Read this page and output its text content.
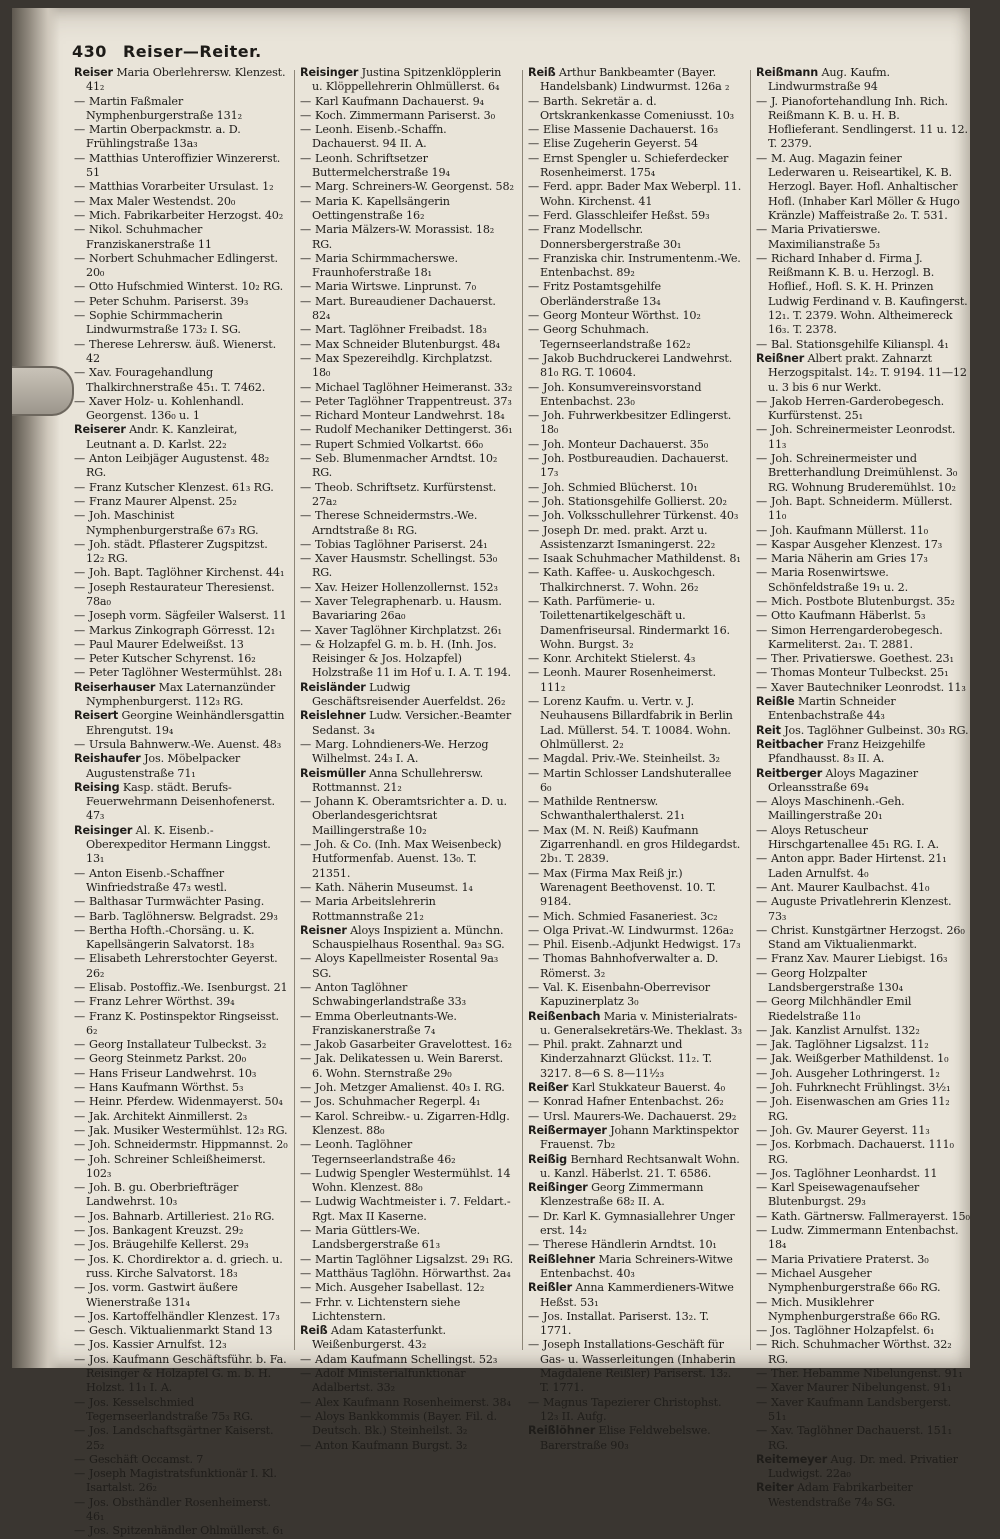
430 Reiser—Reiter.

Reiser Maria Oberlehrersw. Klenzest. 41₂

— Martin Faßmaler Nymphenburgerstraße 131₂

— Martin Oberpackmstr. a. D. Frühlingstraße 13a₃

— Matthias Unteroffizier Winzererst. 51

— Matthias Vorarbeiter Ursulast. 1₂

— Max Maler Westendst. 20₀

— Mich. Fabrikarbeiter Herzogst. 40₂

— Nikol. Schuhmacher Franziskanerstraße 11

— Norbert Schuhmacher Edlingerst. 20₀

— Otto Hufschmied Winterst. 10₂ RG.

— Peter Schuhm. Pariserst. 39₃

— Sophie Schirmmacherin Lindwurmstraße 173₂ I. SG.

— Therese Lehrersw. äuß. Wienerst. 42

— Xav. Fouragehandlung Thalkirchnerstraße 45₁. T. 7462.

— Xaver Holz- u. Kohlenhandl. Georgenst. 136₀ u. 1

Reiserer Andr. K. Kanzleirat, Leutnant a. D. Karlst. 22₂

— Anton Leibjäger Augustenst. 48₂ RG.

— Franz Kutscher Klenzest. 61₃ RG.

— Franz Maurer Alpenst. 25₂

— Joh. Maschinist Nymphenburgerstraße 67₃ RG.

— Joh. städt. Pflasterer Zugspitzst. 12₂ RG.

— Joh. Bapt. Taglöhner Kirchenst. 44₁

— Joseph Restaurateur Theresienst. 78a₀

— Joseph vorm. Sägfeiler Walserst. 11

— Markus Zinkograph Görresst. 12₁

— Paul Maurer Edelweißst. 13

— Peter Kutscher Schyrenst. 16₂

— Peter Taglöhner Westermühlst. 28₁

Reiserhauser Max Laternanzünder Nymphenburgerst. 112₃ RG.

Reisert Georgine Weinhändlersgattin Ehrengutst. 19₄

— Ursula Bahnwerw.-We. Auenst. 48₃

Reishaufer Jos. Möbelpacker Augustenstraße 71₁

Reising Kasp. städt. Berufs-Feuerwehrmann Deisenhofenerst. 47₃

Reisinger Al. K. Eisenb.-Oberexpeditor Hermann Linggst. 13₁

— Anton Eisenb.-Schaffner Winfriedstraße 47₃ westl.

— Balthasar Turmwächter Pasing.

— Barb. Taglöhnersw. Belgradst. 29₃

— Bertha Hofth.-Chorsäng. u. K. Kapellsängerin Salvatorst. 18₃

— Elisabeth Lehrerstochter Geyerst. 26₂

— Elisab. Postoffiz.-We. Isenburgst. 21

— Franz Lehrer Wörthst. 39₄

— Franz K. Postinspektor Ringseisst. 6₂

— Georg Installateur Tulbeckst. 3₂

— Georg Steinmetz Parkst. 20₀

— Hans Friseur Landwehrst. 10₃

— Hans Kaufmann Wörthst. 5₃

— Heinr. Pferdew. Widenmayerst. 50₄

— Jak. Architekt Ainmillerst. 2₃

— Jak. Musiker Westermühlst. 12₃ RG.

— Joh. Schneidermstr. Hippmannst. 2₀

— Joh. Schreiner Schleißheimerst. 102₃

— Joh. B. gu. Oberbriefträger Landwehrst. 10₃

— Jos. Bahnarb. Artilleriest. 21₀ RG.

— Jos. Bankagent Kreuzst. 29₂

— Jos. Bräugehilfe Kellerst. 29₃

— Jos. K. Chordirektor a. d. griech. u. russ. Kirche Salvatorst. 18₃

— Jos. vorm. Gastwirt äußere Wienerstraße 131₄

— Jos. Kartoffelhändler Klenzest. 17₃

— Gesch. Viktualienmarkt Stand 13

— Jos. Kassier Arnulfst. 12₃

— Jos. Kaufmann Geschäftsführ. b. Fa. Reisinger & Holzapfel G. m. b. H. Holzst. 11₁ I. A.

— Jos. Kesselschmied Tegernseerlandstraße 75₃ RG.

— Jos. Landschaftsgärtner Kaiserst. 25₂

— Geschäft Occamst. 7

— Joseph Magistratsfunktionär I. Kl. Isartalst. 26₂

— Jos. Obsthändler Rosenheimerst. 46₁

— Jos. Spitzenhändler Ohlmüllerst. 6₁

Reisinger Justina Spitzenklöpplerin u. Klöppellehrerin Ohlmüllerst. 6₄

— Karl Kaufmann Dachauerst. 9₄

— Koch. Zimmermann Pariserst. 3₀

— Leonh. Eisenb.-Schaffn. Dachauerst. 94 II. A.

— Leonh. Schriftsetzer Buttermelcherstraße 19₄

— Marg. Schreiners-W. Georgenst. 58₂

— Maria K. Kapellsängerin Oettingenstraße 16₂

— Maria Mälzers-W. Morassist. 18₂ RG.

— Maria Schirmmacherswe. Fraunhoferstraße 18₁

— Maria Wirtswe. Linprunst. 7₀

— Mart. Bureaudiener Dachauerst. 82₄

— Mart. Taglöhner Freibadst. 18₃

— Max Schneider Blutenburgst. 48₄

— Max Spezereihdlg. Kirchplatzst. 18₀

— Michael Taglöhner Heimeranst. 33₂

— Peter Taglöhner Trappentreust. 37₃

— Richard Monteur Landwehrst. 18₄

— Rudolf Mechaniker Dettingerst. 36₁

— Rupert Schmied Volkartst. 66₀

— Seb. Blumenmacher Arndtst. 10₂ RG.

— Theob. Schriftsetz. Kurfürstenst. 27a₂

— Therese Schneidermstrs.-We. Arndtstraße 8₁ RG.

— Tobias Taglöhner Pariserst. 24₁

— Xaver Hausmstr. Schellingst. 53₀ RG.

— Xav. Heizer Hollenzollernst. 152₃

— Xaver Telegraphenarb. u. Hausm. Bavariaring 26a₀

— Xaver Taglöhner Kirchplatzst. 26₁

— & Holzapfel G. m. b. H. (Inh. Jos. Reisinger & Jos. Holzapfel) Holzstraße 11 im Hof u. I. A. T. 194.

Reisländer Ludwig Geschäftsreisender Auerfeldst. 26₂

Reislehner Ludw. Versicher.-Beamter Sedanst. 3₄

— Marg. Lohndieners-We. Herzog Wilhelmst. 24₃ I. A.

Reismüller Anna Schullehrersw. Rottmannst. 21₂

— Johann K. Oberamtsrichter a. D. u. Oberlandesgerichtsrat Maillingerstraße 10₂

— Joh. & Co. (Inh. Max Weisenbeck) Hutformenfab. Auenst. 13₀. T. 21351.

— Kath. Näherin Museumst. 1₄

— Maria Arbeitslehrerin Rottmannstraße 21₂

Reisner Aloys Inspizient a. Münchn. Schauspielhaus Rosenthal. 9a₃ SG.

— Aloys Kapellmeister Rosental 9a₃ SG.

— Anton Taglöhner Schwabingerlandstraße 33₃

— Emma Oberleutnants-We. Franziskanerstraße 7₄

— Jakob Gasarbeiter Gravelottest. 16₂

— Jak. Delikatessen u. Wein Barerst. 6. Wohn. Sternstraße 29₀

— Joh. Metzger Amalienst. 40₃ I. RG.

— Jos. Schuhmacher Regerpl. 4₁

— Karol. Schreibw.- u. Zigarren-Hdlg. Klenzest. 88₀

— Leonh. Taglöhner Tegernseerlandstraße 46₂

— Ludwig Spengler Westermühlst. 14 Wohn. Klenzest. 88₀

— Ludwig Wachtmeister i. 7. Feldart.-Rgt. Max II Kaserne.

— Maria Güttlers-We. Landsbergerstraße 61₃

— Martin Taglöhner Ligsalzst. 29₁ RG.

— Matthäus Taglöhn. Hörwarthst. 2a₄

— Mich. Ausgeher Isabellast. 12₂

— Frhr. v. Lichtenstern siehe Lichtenstern.

Reiß Adam Katasterfunkt. Weißenburgerst. 43₂

— Adam Kaufmann Schellingst. 52₃

— Adolf Ministerialfunktionär Adalbertst. 33₂

— Alex Kaufmann Rosenheimerst. 38₄

— Aloys Bankkommis (Bayer. Fil. d. Deutsch. Bk.) Steinheilst. 3₂

— Anton Kaufmann Burgst. 3₂

Reiß Arthur Bankbeamter (Bayer. Handelsbank) Lindwurmst. 126a ₂

— Barth. Sekretär a. d. Ortskrankenkasse Comeniusst. 10₃

— Elise Massenie Dachauerst. 16₃

— Elise Zugeherin Geyerst. 54

— Ernst Spengler u. Schieferdecker Rosenheimerst. 175₄

— Ferd. appr. Bader Max Weberpl. 11. Wohn. Kirchenst. 41

— Ferd. Glasschleifer Heßst. 59₃

— Franz Modellschr. Donnersbergerstraße 30₁

— Franziska chir. Instrumentenm.-We. Entenbachst. 89₂

— Fritz Postamtsgehilfe Oberländerstraße 13₄

— Georg Monteur Wörthst. 10₂

— Georg Schuhmach. Tegernseerlandstraße 162₂

— Jakob Buchdruckerei Landwehrst. 81₀ RG. T. 10604.

— Joh. Konsumvereinsvorstand Entenbachst. 23₀

— Joh. Fuhrwerkbesitzer Edlingerst. 18₀

— Joh. Monteur Dachauerst. 35₀

— Joh. Postbureaudien. Dachauerst. 17₃

— Joh. Schmied Blücherst. 10₁

— Joh. Stationsgehilfe Gollierst. 20₂

— Joh. Volksschullehrer Türkenst. 40₃

— Joseph Dr. med. prakt. Arzt u. Assistenzarzt Ismaningerst. 22₂

— Isaak Schuhmacher Mathildenst. 8₁

— Kath. Kaffee- u. Auskochgesch. Thalkirchnerst. 7. Wohn. 26₂

— Kath. Parfümerie- u. Toilettenartikelgeschäft u. Damenfriseursal. Rindermarkt 16. Wohn. Burgst. 3₂

— Konr. Architekt Stielerst. 4₃

— Leonh. Maurer Rosenheimerst. 111₂

— Lorenz Kaufm. u. Vertr. v. J. Neuhausens Billardfabrik in Berlin Lad. Müllerst. 54. T. 10084. Wohn. Ohlmüllerst. 2₂

— Magdal. Priv.-We. Steinheilst. 3₂

— Martin Schlosser Landshuterallee 6₀

— Mathilde Rentnersw. Schwanthalerthalerst. 21₁

— Max (M. N. Reiß) Kaufmann Zigarrenhandl. en gros Hildegardst. 2b₁. T. 2839.

— Max (Firma Max Reiß jr.) Warenagent Beethovenst. 10. T. 9184.

— Mich. Schmied Fasaneriest. 3c₂

— Olga Privat.-W. Lindwurmst. 126a₂

— Phil. Eisenb.-Adjunkt Hedwigst. 17₃

— Thomas Bahnhofverwalter a. D. Römerst. 3₂

— Val. K. Eisenbahn-Oberrevisor Kapuzinerplatz 3₀

Reißenbach Maria v. Ministerialrats- u. Generalsekretärs-We. Theklast. 3₃

— Phil. prakt. Zahnarzt und Kinderzahnarzt Glückst. 11₂. T. 3217. 8—6 S. 8—11½₃

Reißer Karl Stukkateur Bauerst. 4₀

— Konrad Hafner Entenbachst. 26₂

— Ursl. Maurers-We. Dachauerst. 29₂

Reißermayer Johann Marktinspektor Frauenst. 7b₂

Reißig Bernhard Rechtsanwalt Wohn. u. Kanzl. Häberlst. 21. T. 6586.

Reißinger Georg Zimmermann Klenzestraße 68₂ II. A.

— Dr. Karl K. Gymnasiallehrer Unger erst. 14₂

— Therese Händlerin Arndtst. 10₁

Reißlehner Maria Schreiners-Witwe Entenbachst. 40₃

Reißler Anna Kammerdieners-Witwe Heßst. 53₁

— Jos. Installat. Pariserst. 13₂. T. 1771.

— Joseph Installations-Geschäft für Gas- u. Wasserleitungen (Inhaberin Magdalene Reißler) Pariserst. 13₂. T. 1771.

— Magnus Tapezierer Christophst. 12₃ II. Aufg.

Reißlöhner Elise Feldwebelswe. Barerstraße 90₃

Reißmann Aug. Kaufm. Lindwurmstraße 94

— J. Pianofortehandlung Inh. Rich. Reißmann K. B. u. H. B. Hoflieferant. Sendlingerst. 11 u. 12. T. 2379.

— M. Aug. Magazin feiner Lederwaren u. Reiseartikel, K. B. Herzogl. Bayer. Hofl. Anhaltischer Hofl. (Inhaber Karl Möller & Hugo Kränzle) Maffeistraße 2₀. T. 531.

— Maria Privatierswe. Maximilianstraße 5₃

— Richard Inhaber d. Firma J. Reißmann K. B. u. Herzogl. B. Hoflief., Hofl. S. K. H. Prinzen Ludwig Ferdinand v. B. Kaufingerst. 12₁. T. 2379. Wohn. Altheimereck 16₃. T. 2378.

— Bal. Stationsgehilfe Kilianspl. 4₁

Reißner Albert prakt. Zahnarzt Herzogspitalst. 14₂. T. 9194. 11—12 u. 3 bis 6 nur Werkt.

— Jakob Herren-Garderobegesch. Kurfürstenst. 25₁

— Joh. Schreinermeister Leonrodst. 11₃

— Joh. Schreinermeister und Bretterhandlung Dreimühlenst. 3₀ RG. Wohnung Bruderemühlst. 10₂

— Joh. Bapt. Schneiderm. Müllerst. 11₀

— Joh. Kaufmann Müllerst. 11₀

— Kaspar Ausgeher Klenzest. 17₃

— Maria Näherin am Gries 17₃

— Maria Rosenwirtswe. Schönfeldstraße 19₁ u. 2.

— Mich. Postbote Blutenburgst. 35₂

— Otto Kaufmann Häberlst. 5₃

— Simon Herrengarderobegesch. Karmeliterst. 2a₁. T. 2881.

— Ther. Privatierswe. Goethest. 23₁

— Thomas Monteur Tulbeckst. 25₁

— Xaver Bautechniker Leonrodst. 11₃

Reißle Martin Schneider Entenbachstraße 44₃

Reit Jos. Taglöhner Gulbeinst. 30₃ RG.

Reitbacher Franz Heizgehilfe Pfandhausst. 8₃ II. A.

Reitberger Aloys Magaziner Orleansstraße 69₄

— Aloys Maschinenh.-Geh. Maillingerstraße 20₁

— Aloys Retuscheur Hirschgartenallee 45₁ RG. I. A.

— Anton appr. Bader Hirtenst. 21₁ Laden Arnulfst. 4₀

— Ant. Maurer Kaulbachst. 41₀

— Auguste Privatlehrerin Klenzest. 73₃

— Christ. Kunstgärtner Herzogst. 26₀ Stand am Viktualienmarkt.

— Franz Xav. Maurer Liebigst. 16₃

— Georg Holzpalter Landsbergerstraße 130₄

— Georg Milchhändler Emil Riedelstraße 11₀

— Jak. Kanzlist Arnulfst. 132₂

— Jak. Taglöhner Ligsalzst. 11₂

— Jak. Weißgerber Mathildenst. 1₀

— Joh. Ausgeher Lothringerst. 1₂

— Joh. Fuhrknecht Frühlingst. 3½₁

— Joh. Eisenwaschen am Gries 11₂ RG.

— Joh. Gv. Maurer Geyerst. 11₃

— Jos. Korbmach. Dachauerst. 111₀ RG.

— Jos. Taglöhner Leonhardst. 11

— Karl Speisewagenaufseher Blutenburgst. 29₃

— Kath. Gärtnersw. Fallmerayerst. 15₀

— Ludw. Zimmermann Entenbachst. 18₄

— Maria Privatiere Praterst. 3₀

— Michael Ausgeher Nymphenburgerstraße 66₀ RG.

— Mich. Musiklehrer Nymphenburgerstraße 66₀ RG.

— Jos. Taglöhner Holzapfelst. 6₁

— Rich. Schuhmacher Wörthst. 32₂ RG.

— Ther. Hebamme Nibelungenst. 91₁

— Xaver Maurer Nibelungenst. 91₁

— Xaver Kaufmann Landsbergerst. 51₁

— Xav. Taglöhner Dachauerst. 151₁ RG.

Reitemeyer Aug. Dr. med. Privatier Ludwigst. 22a₀

Reiter Adam Fabrikarbeiter Westendstraße 74₀ SG.
